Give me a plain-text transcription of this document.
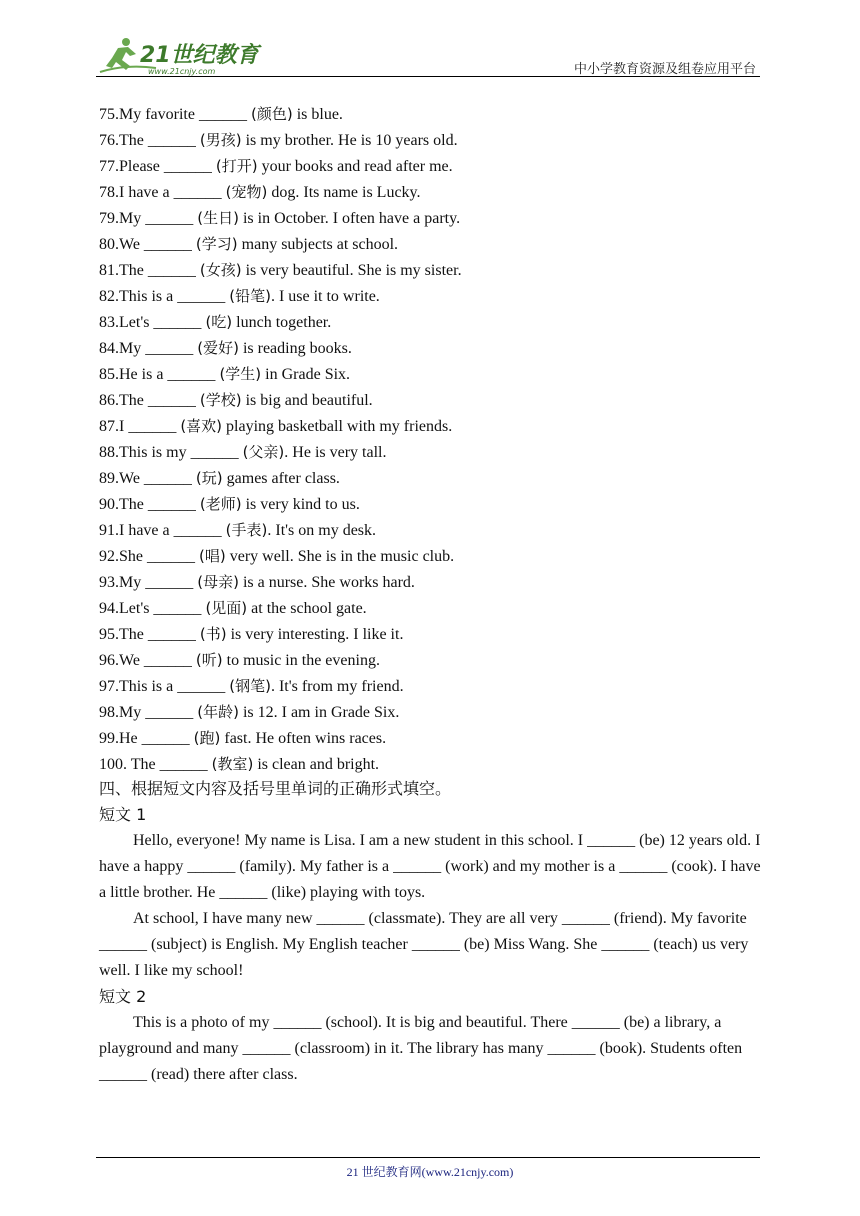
21世纪教育
www.21cnjy.com	中小学教育资源及组卷应用平台
75.My favorite ______ (颜色) is blue.
76.The ______ (男孩) is my brother. He is 10 years old.
77.Please ______ (打开) your books and read after me.
78.I have a ______ (宠物) dog. Its name is Lucky.
79.My ______ (生日) is in October. I often have a party.
80.We ______ (学习) many subjects at school.
81.The ______ (女孩) is very beautiful. She is my sister.
82.This is a ______ (铅笔). I use it to write.
83.Let's ______ (吃) lunch together.
84.My ______ (爱好) is reading books.
85.He is a ______ (学生) in Grade Six.
86.The ______ (学校) is big and beautiful.
87.I ______ (喜欢) playing basketball with my friends.
88.This is my ______ (父亲). He is very tall.
89.We ______ (玩) games after class.
90.The ______ (老师) is very kind to us.
91.I have a ______ (手表). It's on my desk.
92.She ______ (唱) very well. She is in the music club.
93.My ______ (母亲) is a nurse. She works hard.
94.Let's ______ (见面) at the school gate.
95.The ______ (书) is very interesting. I like it.
96.We ______ (听) to music in the evening.
97.This is a ______ (钢笔). It's from my friend.
98.My ______ (年龄) is 12. I am in Grade Six.
99.He ______ (跑) fast. He often wins races.
100. The ______ (教室) is clean and bright.
四、根据短文内容及括号里单词的正确形式填空。
短文 1

Hello, everyone! My name is Lisa. I am a new student in this school. I ______ (be) 12 years old. I have a happy ______ (family). My father is a ______ (work) and my mother is a ______ (cook). I have a little brother. He ______ (like) playing with toys.

At school, I have many new ______ (classmate). They are all very ______ (friend). My favorite ______ (subject) is English. My English teacher ______ (be) Miss Wang. She ______ (teach) us very well. I like my school!

短文 2

This is a photo of my ______ (school). It is big and beautiful. There ______ (be) a library, a playground and many ______ (classroom) in it. The library has many ______ (book). Students often ______ (read) there after class.

21 世纪教育网(www.21cnjy.com)
